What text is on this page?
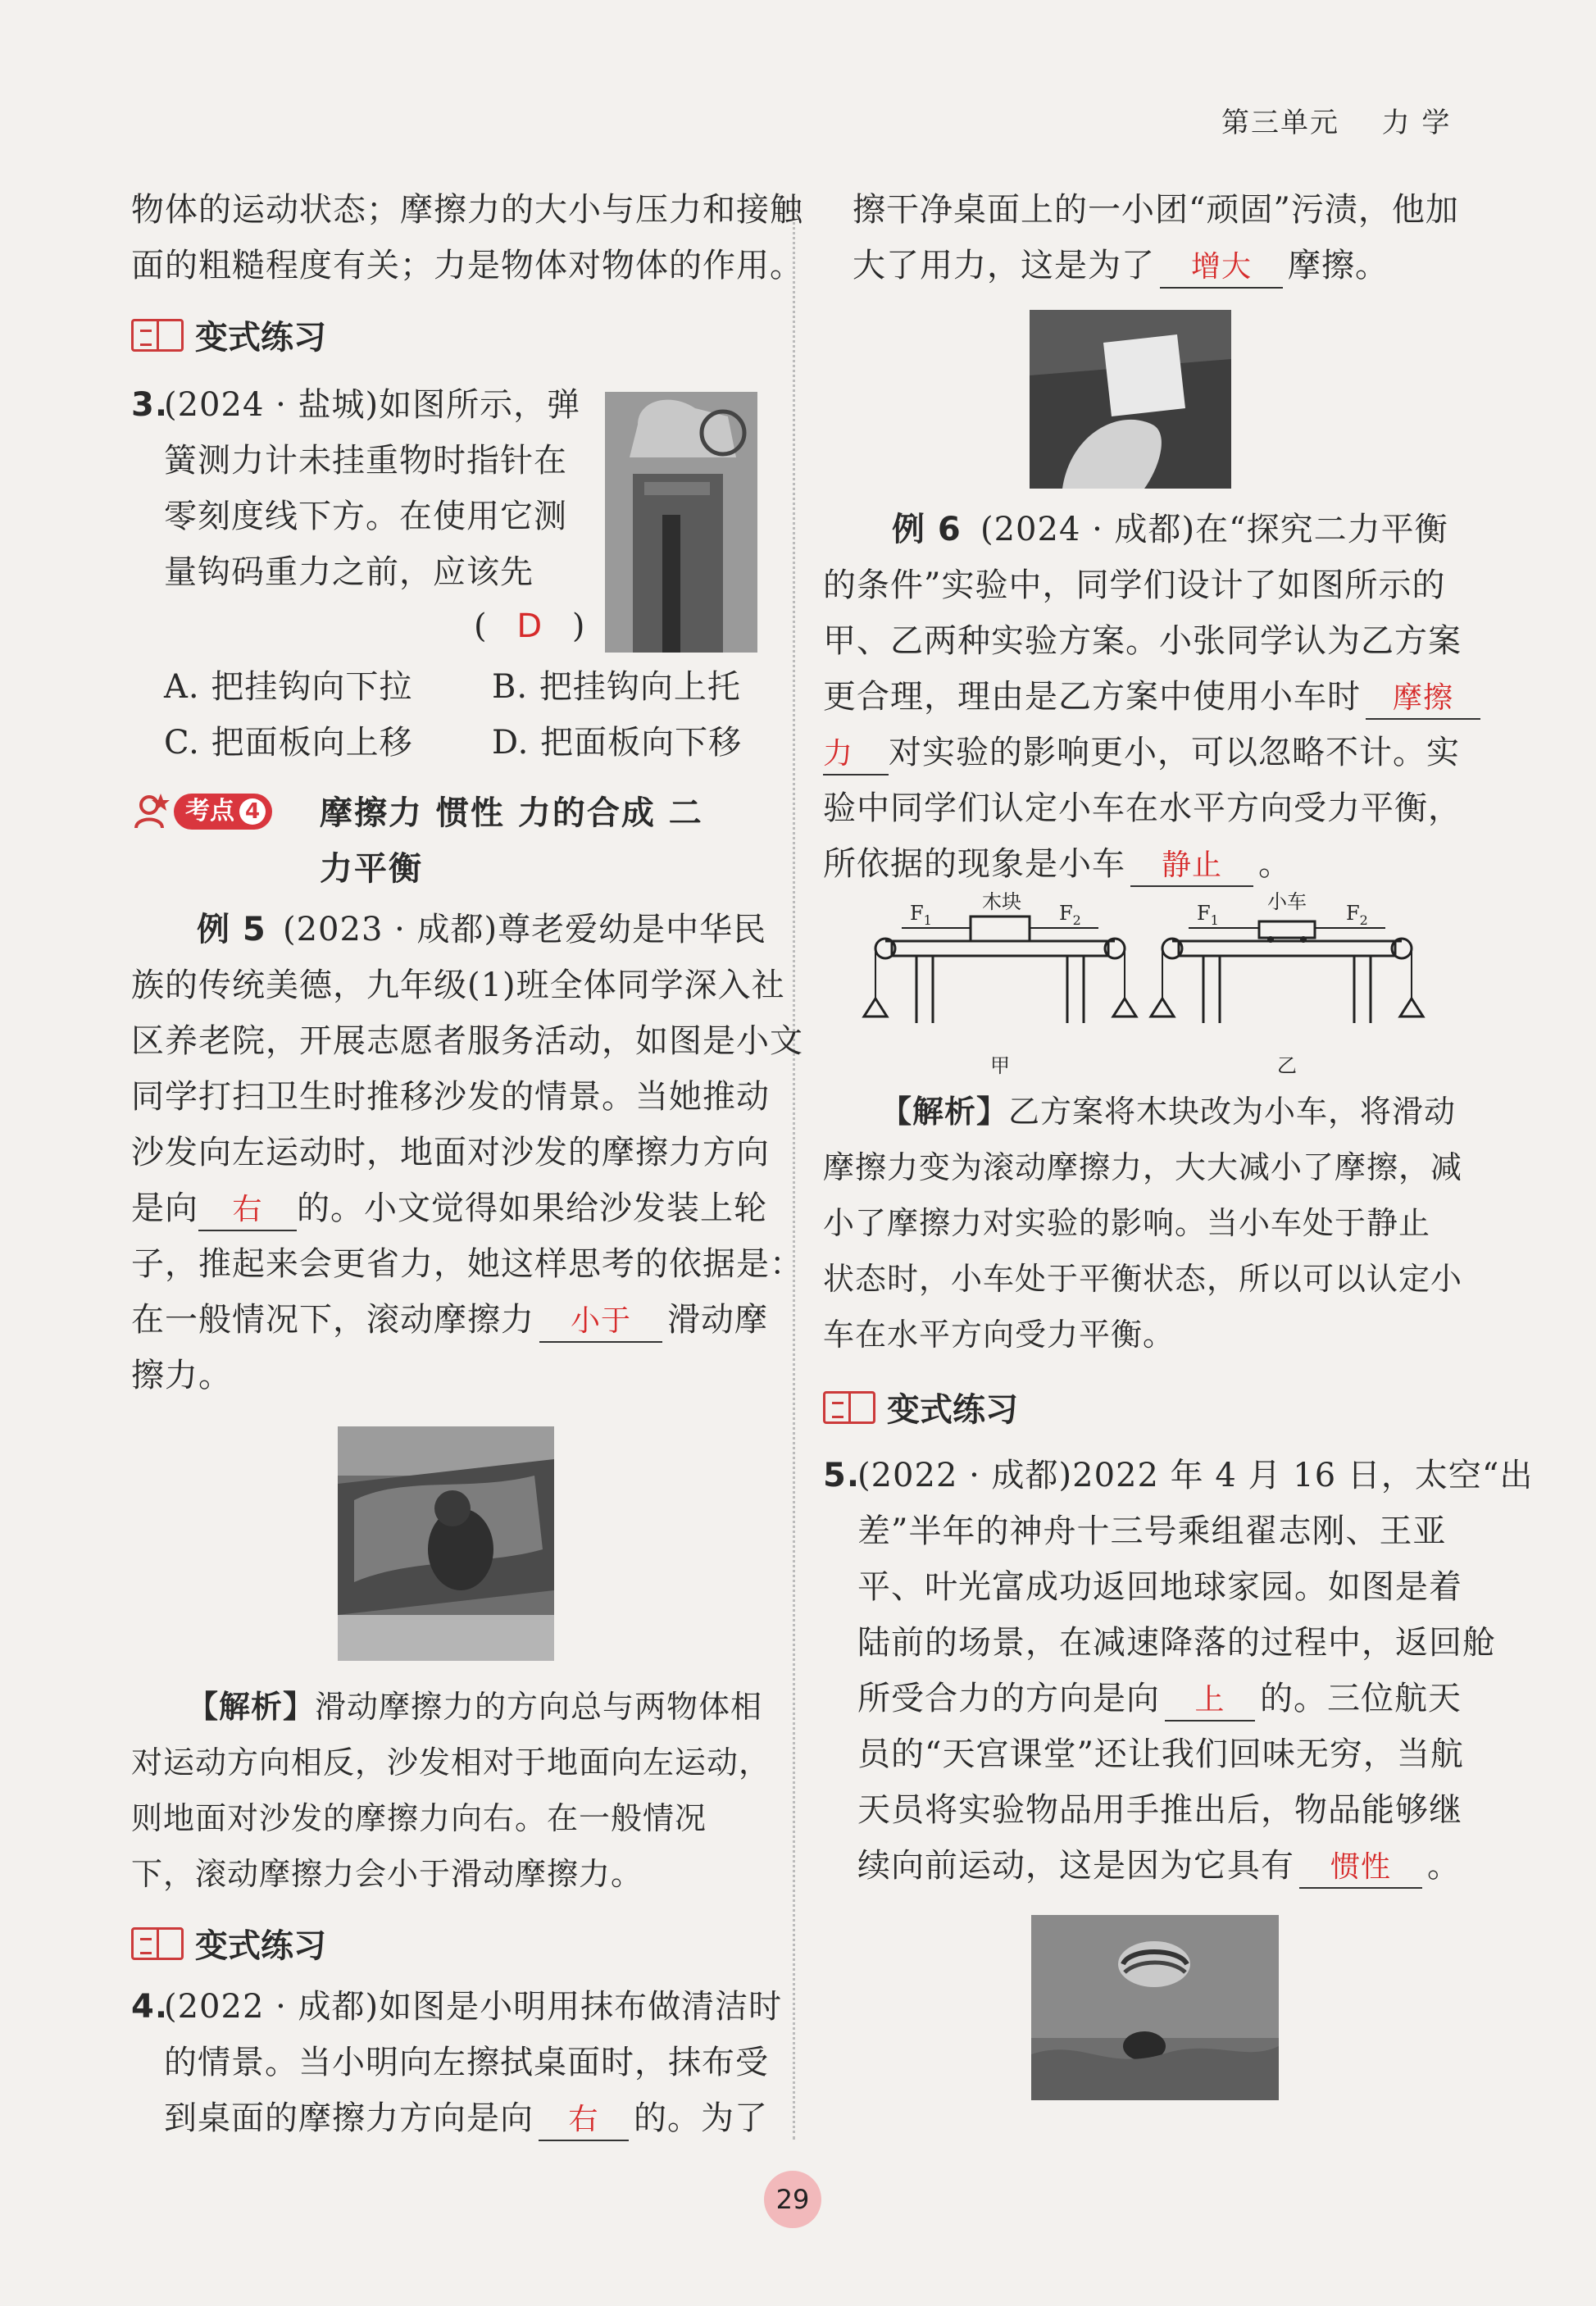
第三单元 力 学
物体的运动状态；摩擦力的大小与压力和接触
面的粗糙程度有关；力是物体对物体的作用。
变式练习
3.
(2024 · 盐城)如图所示，弹
簧测力计未挂重物时指针在
零刻度线下方。在使用它测
量钩码重力之前，应该先
( D )
A. 把挂钩向下拉 B. 把挂钩向上托
C. 把面板向上移 D. 把面板向下移
考点 4 摩擦力 惯性 力的合成 二
力平衡
例 5 (2023 · 成都)尊老爱幼是中华民
族的传统美德，九年级(1)班全体同学深入社
区养老院，开展志愿者服务活动，如图是小文
同学打扫卫生时推移沙发的情景。当她推动
沙发向左运动时，地面对沙发的摩擦力方向
是向 右 的。小文觉得如果给沙发装上轮
子，推起来会更省力，她这样思考的依据是：
在一般情况下，滚动摩擦力 小于 滑动摩
擦力。
【解析】滑动摩擦力的方向总与两物体相
对运动方向相反，沙发相对于地面向左运动，
则地面对沙发的摩擦力向右。在一般情况
下，滚动摩擦力会小于滑动摩擦力。
变式练习
4.
(2022 · 成都)如图是小明用抹布做清洁时
的情景。当小明向左擦拭桌面时，抹布受
到桌面的摩擦力方向是向 右 的。为了
擦干净桌面上的一小团“顽固”污渍，他加
大了用力，这是为了 增大 摩擦。
例 6 (2024 · 成都)在“探究二力平衡
的条件”实验中，同学们设计了如图所示的
甲、乙两种实验方案。小张同学认为乙方案
更合理，理由是乙方案中使用小车时 摩擦
力 对实验的影响更小，可以忽略不计。实
验中同学们认定小车在水平方向受力平衡，
所依据的现象是小车 静止 。
木块
$F_1$	$F_2$
甲
小车
$F_1$	$F_2$
乙
【解析】乙方案将木块改为小车，将滑动
摩擦力变为滚动摩擦力，大大减小了摩擦，减
小了摩擦力对实验的影响。当小车处于静止
状态时，小车处于平衡状态，所以可以认定小
车在水平方向受力平衡。
变式练习
5.
(2022 · 成都)2022 年 4 月 16 日，太空“出
差”半年的神舟十三号乘组翟志刚、王亚
平、叶光富成功返回地球家园。如图是着
陆前的场景，在减速降落的过程中，返回舱
所受合力的方向是向 上 的。三位航天
员的“天宫课堂”还让我们回味无穷，当航
天员将实验物品用手推出后，物品能够继
续向前运动，这是因为它具有 惯性 。
29
